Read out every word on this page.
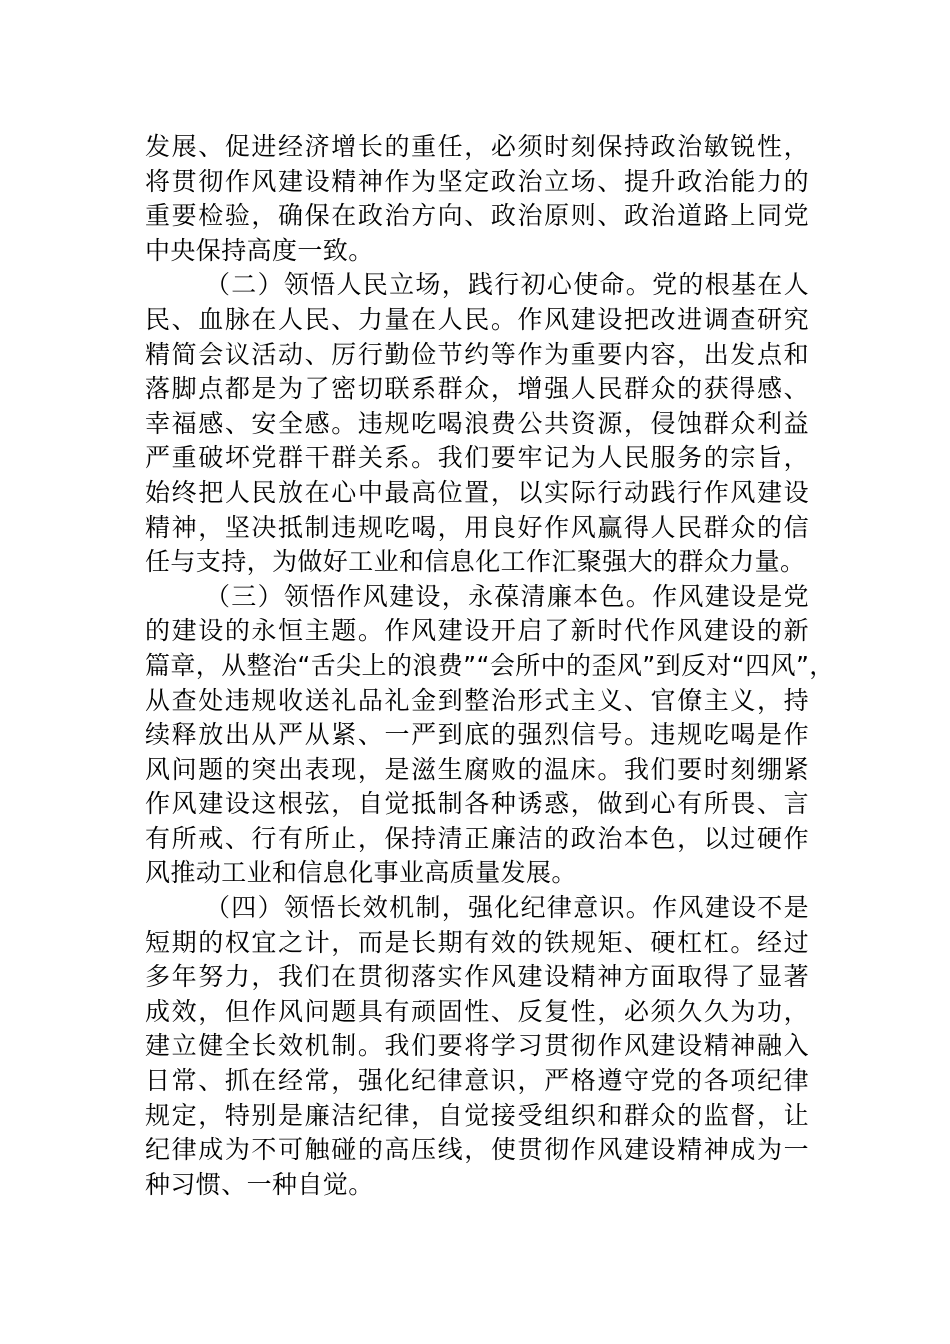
发展、促进经济增长的重任，必须时刻保持政治敏锐性，
将贯彻作风建设精神作为坚定政治立场、提升政治能力的
重要检验，确保在政治方向、政治原则、政治道路上同党
中央保持高度一致。
（二）领悟人民立场，践行初心使命。党的根基在人
民、血脉在人民、力量在人民。作风建设把改进调查研究
精简会议活动、厉行勤俭节约等作为重要内容，出发点和
落脚点都是为了密切联系群众，增强人民群众的获得感、
幸福感、安全感。违规吃喝浪费公共资源，侵蚀群众利益
严重破坏党群干群关系。我们要牢记为人民服务的宗旨，
始终把人民放在心中最高位置，以实际行动践行作风建设
精神，坚决抵制违规吃喝，用良好作风赢得人民群众的信
任与支持，为做好工业和信息化工作汇聚强大的群众力量。
（三）领悟作风建设，永葆清廉本色。作风建设是党
的建设的永恒主题。作风建设开启了新时代作风建设的新
篇章，从整治“舌尖上的浪费”“会所中的歪风”到反对“四风”，
从查处违规收送礼品礼金到整治形式主义、官僚主义，持
续释放出从严从紧、一严到底的强烈信号。违规吃喝是作
风问题的突出表现，是滋生腐败的温床。我们要时刻绷紧
作风建设这根弦，自觉抵制各种诱惑，做到心有所畏、言
有所戒、行有所止，保持清正廉洁的政治本色，以过硬作
风推动工业和信息化事业高质量发展。
（四）领悟长效机制，强化纪律意识。作风建设不是
短期的权宜之计，而是长期有效的铁规矩、硬杠杠。经过
多年努力，我们在贯彻落实作风建设精神方面取得了显著
成效，但作风问题具有顽固性、反复性，必须久久为功，
建立健全长效机制。我们要将学习贯彻作风建设精神融入
日常、抓在经常，强化纪律意识，严格遵守党的各项纪律
规定，特别是廉洁纪律，自觉接受组织和群众的监督，让
纪律成为不可触碰的高压线，使贯彻作风建设精神成为一
种习惯、一种自觉。
